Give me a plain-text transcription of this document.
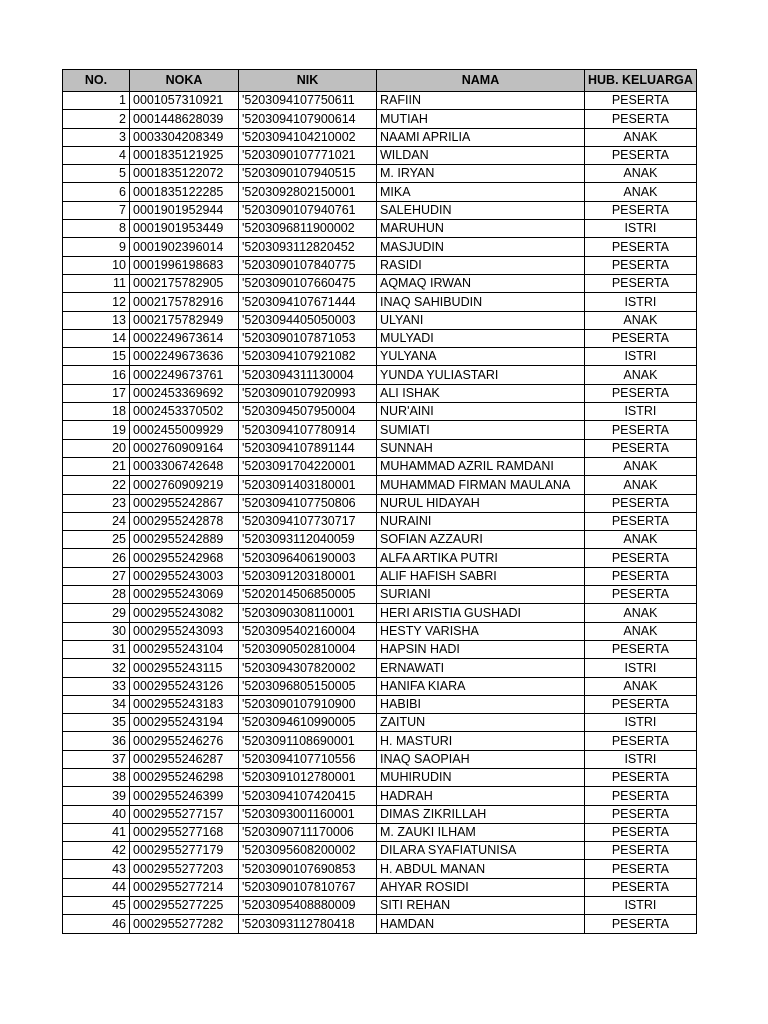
NO.	NOKA	NIK	NAMA	HUB. KELUARGA
1	0001057310921	'5203094107750611	RAFIIN	PESERTA
2	0001448628039	'5203094107900614	MUTIAH	PESERTA
3	0003304208349	'5203094104210002	NAAMI APRILIA	ANAK
4	0001835121925	'5203090107771021	WILDAN	PESERTA
5	0001835122072	'5203090107940515	M. IRYAN	ANAK
6	0001835122285	'5203092802150001	MIKA	ANAK
7	0001901952944	'5203090107940761	SALEHUDIN	PESERTA
8	0001901953449	'5203096811900002	MARUHUN	ISTRI
9	0001902396014	'5203093112820452	MASJUDIN	PESERTA
10	0001996198683	'5203090107840775	RASIDI	PESERTA
11	0002175782905	'5203090107660475	AQMAQ IRWAN	PESERTA
12	0002175782916	'5203094107671444	INAQ SAHIBUDIN	ISTRI
13	0002175782949	'5203094405050003	ULYANI	ANAK
14	0002249673614	'5203090107871053	MULYADI	PESERTA
15	0002249673636	'5203094107921082	YULYANA	ISTRI
16	0002249673761	'5203094311130004	YUNDA YULIASTARI	ANAK
17	0002453369692	'5203090107920993	ALI ISHAK	PESERTA
18	0002453370502	'5203094507950004	NUR'AINI	ISTRI
19	0002455009929	'5203094107780914	SUMIATI	PESERTA
20	0002760909164	'5203094107891144	SUNNAH	PESERTA
21	0003306742648	'5203091704220001	MUHAMMAD AZRIL RAMDANI	ANAK
22	0002760909219	'5203091403180001	MUHAMMAD FIRMAN MAULANA	ANAK
23	0002955242867	'5203094107750806	NURUL HIDAYAH	PESERTA
24	0002955242878	'5203094107730717	NURAINI	PESERTA
25	0002955242889	'5203093112040059	SOFIAN AZZAURI	ANAK
26	0002955242968	'5203096406190003	ALFA ARTIKA PUTRI	PESERTA
27	0002955243003	'5203091203180001	ALIF HAFISH SABRI	PESERTA
28	0002955243069	'5202014506850005	SURIANI	PESERTA
29	0002955243082	'5203090308110001	HERI ARISTIA GUSHADI	ANAK
30	0002955243093	'5203095402160004	HESTY VARISHA	ANAK
31	0002955243104	'5203090502810004	HAPSIN HADI	PESERTA
32	0002955243115	'5203094307820002	ERNAWATI	ISTRI
33	0002955243126	'5203096805150005	HANIFA KIARA	ANAK
34	0002955243183	'5203090107910900	HABIBI	PESERTA
35	0002955243194	'5203094610990005	ZAITUN	ISTRI
36	0002955246276	'5203091108690001	H. MASTURI	PESERTA
37	0002955246287	'5203094107710556	INAQ SAOPIAH	ISTRI
38	0002955246298	'5203091012780001	MUHIRUDIN	PESERTA
39	0002955246399	'5203094107420415	HADRAH	PESERTA
40	0002955277157	'5203093001160001	DIMAS ZIKRILLAH	PESERTA
41	0002955277168	'5203090711170006	M. ZAUKI ILHAM	PESERTA
42	0002955277179	'5203095608200002	DILARA SYAFIATUNISA	PESERTA
43	0002955277203	'5203090107690853	H. ABDUL MANAN	PESERTA
44	0002955277214	'5203090107810767	AHYAR ROSIDI	PESERTA
45	0002955277225	'5203095408880009	SITI REHAN	ISTRI
46	0002955277282	'5203093112780418	HAMDAN	PESERTA
